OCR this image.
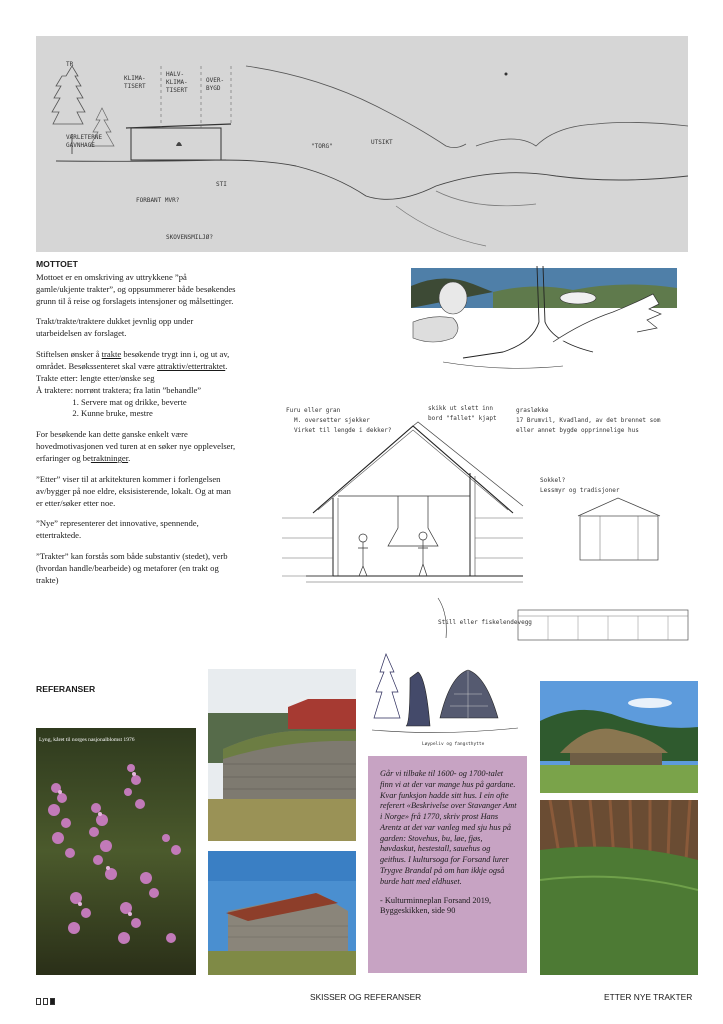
TR
KLIMA-
TISERT
HALV-
KLIMA-
TISERT
OVER-
BYGD
VÆRLETERNE
GAVNHAGE	"TORG"
UTSIKT
STI
FORBANT MVR?
SKOVENSMILJØ?
MOTTOET

Mottoet er en omskriving av uttrykkene ”på gamle/ukjente trakter”, og oppsummerer både besøkendes grunn til å reise og forslagets intensjoner og målsettinger.

Trakt/trakte/traktere dukket jevnlig opp under utarbeidelsen av forslaget.

Stiftelsen ønsker å trakte besøkende trygt inn i, og ut av, området. Besøkssenteret skal være attraktiv/ettertraktet.

Trakte etter: lengte etter/ønske seg

Å traktere: norrønt traktera; fra latin ”behandle”

1. Servere mat og drikke, beverte
2. Kunne bruke, mestre

For besøkende kan dette ganske enkelt være hovedmotivasjonen ved turen at en søker nye opplevelser, erfaringer og betraktninger.

”Etter” viser til at arkitekturen kommer i forlengelsen av/bygger på noe eldre, eksisisterende, lokalt. Og at man er etter/søker etter noe.

”Nye” representerer det innovative, spennende, ettertraktede.

”Trakter” kan forstås som både substantiv (stedet), verb (hvordan handle/bearbeide) og metaforer (en trakt og trakte)

Furu eller gran
M. oversetter sjekker
Virket til lengde i dekker?
skikk ut slett inn
bord "fallet" kjapt
grasløkke
17 Brumvil, Kvadland, av det brennet som
eller annet bygde opprinnelige hus
Sokkel?
Lessmyr og tradisjoner
Still eller fiskelendevegg
REFERANSER
Lyng, kåret til norges nasjonalblomst 1976
Løypeliv og fangsthytte

Går vi tilbake til 1600- og 1700-talet finn vi at der var mange hus på gardane. Kvar funksjon hadde sitt hus. I ein ofte referert «Beskrivelse over Stavanger Amt i Norge» frå 1770, skriv prost Hans Arentz at det var vanleg med sju hus på garden: Stovehus, bu, løe, fjøs, høvdaskut, hestestall, sauehus og geithus. I kultursoga for Forsand lurer Trygve Brandal på om han ikkje også burde hatt med eldhuset.

- Kulturminneplan Forsand 2019, Byggeskikken, side 90

SKISSER OG REFERANSER	ETTER NYE TRAKTER
